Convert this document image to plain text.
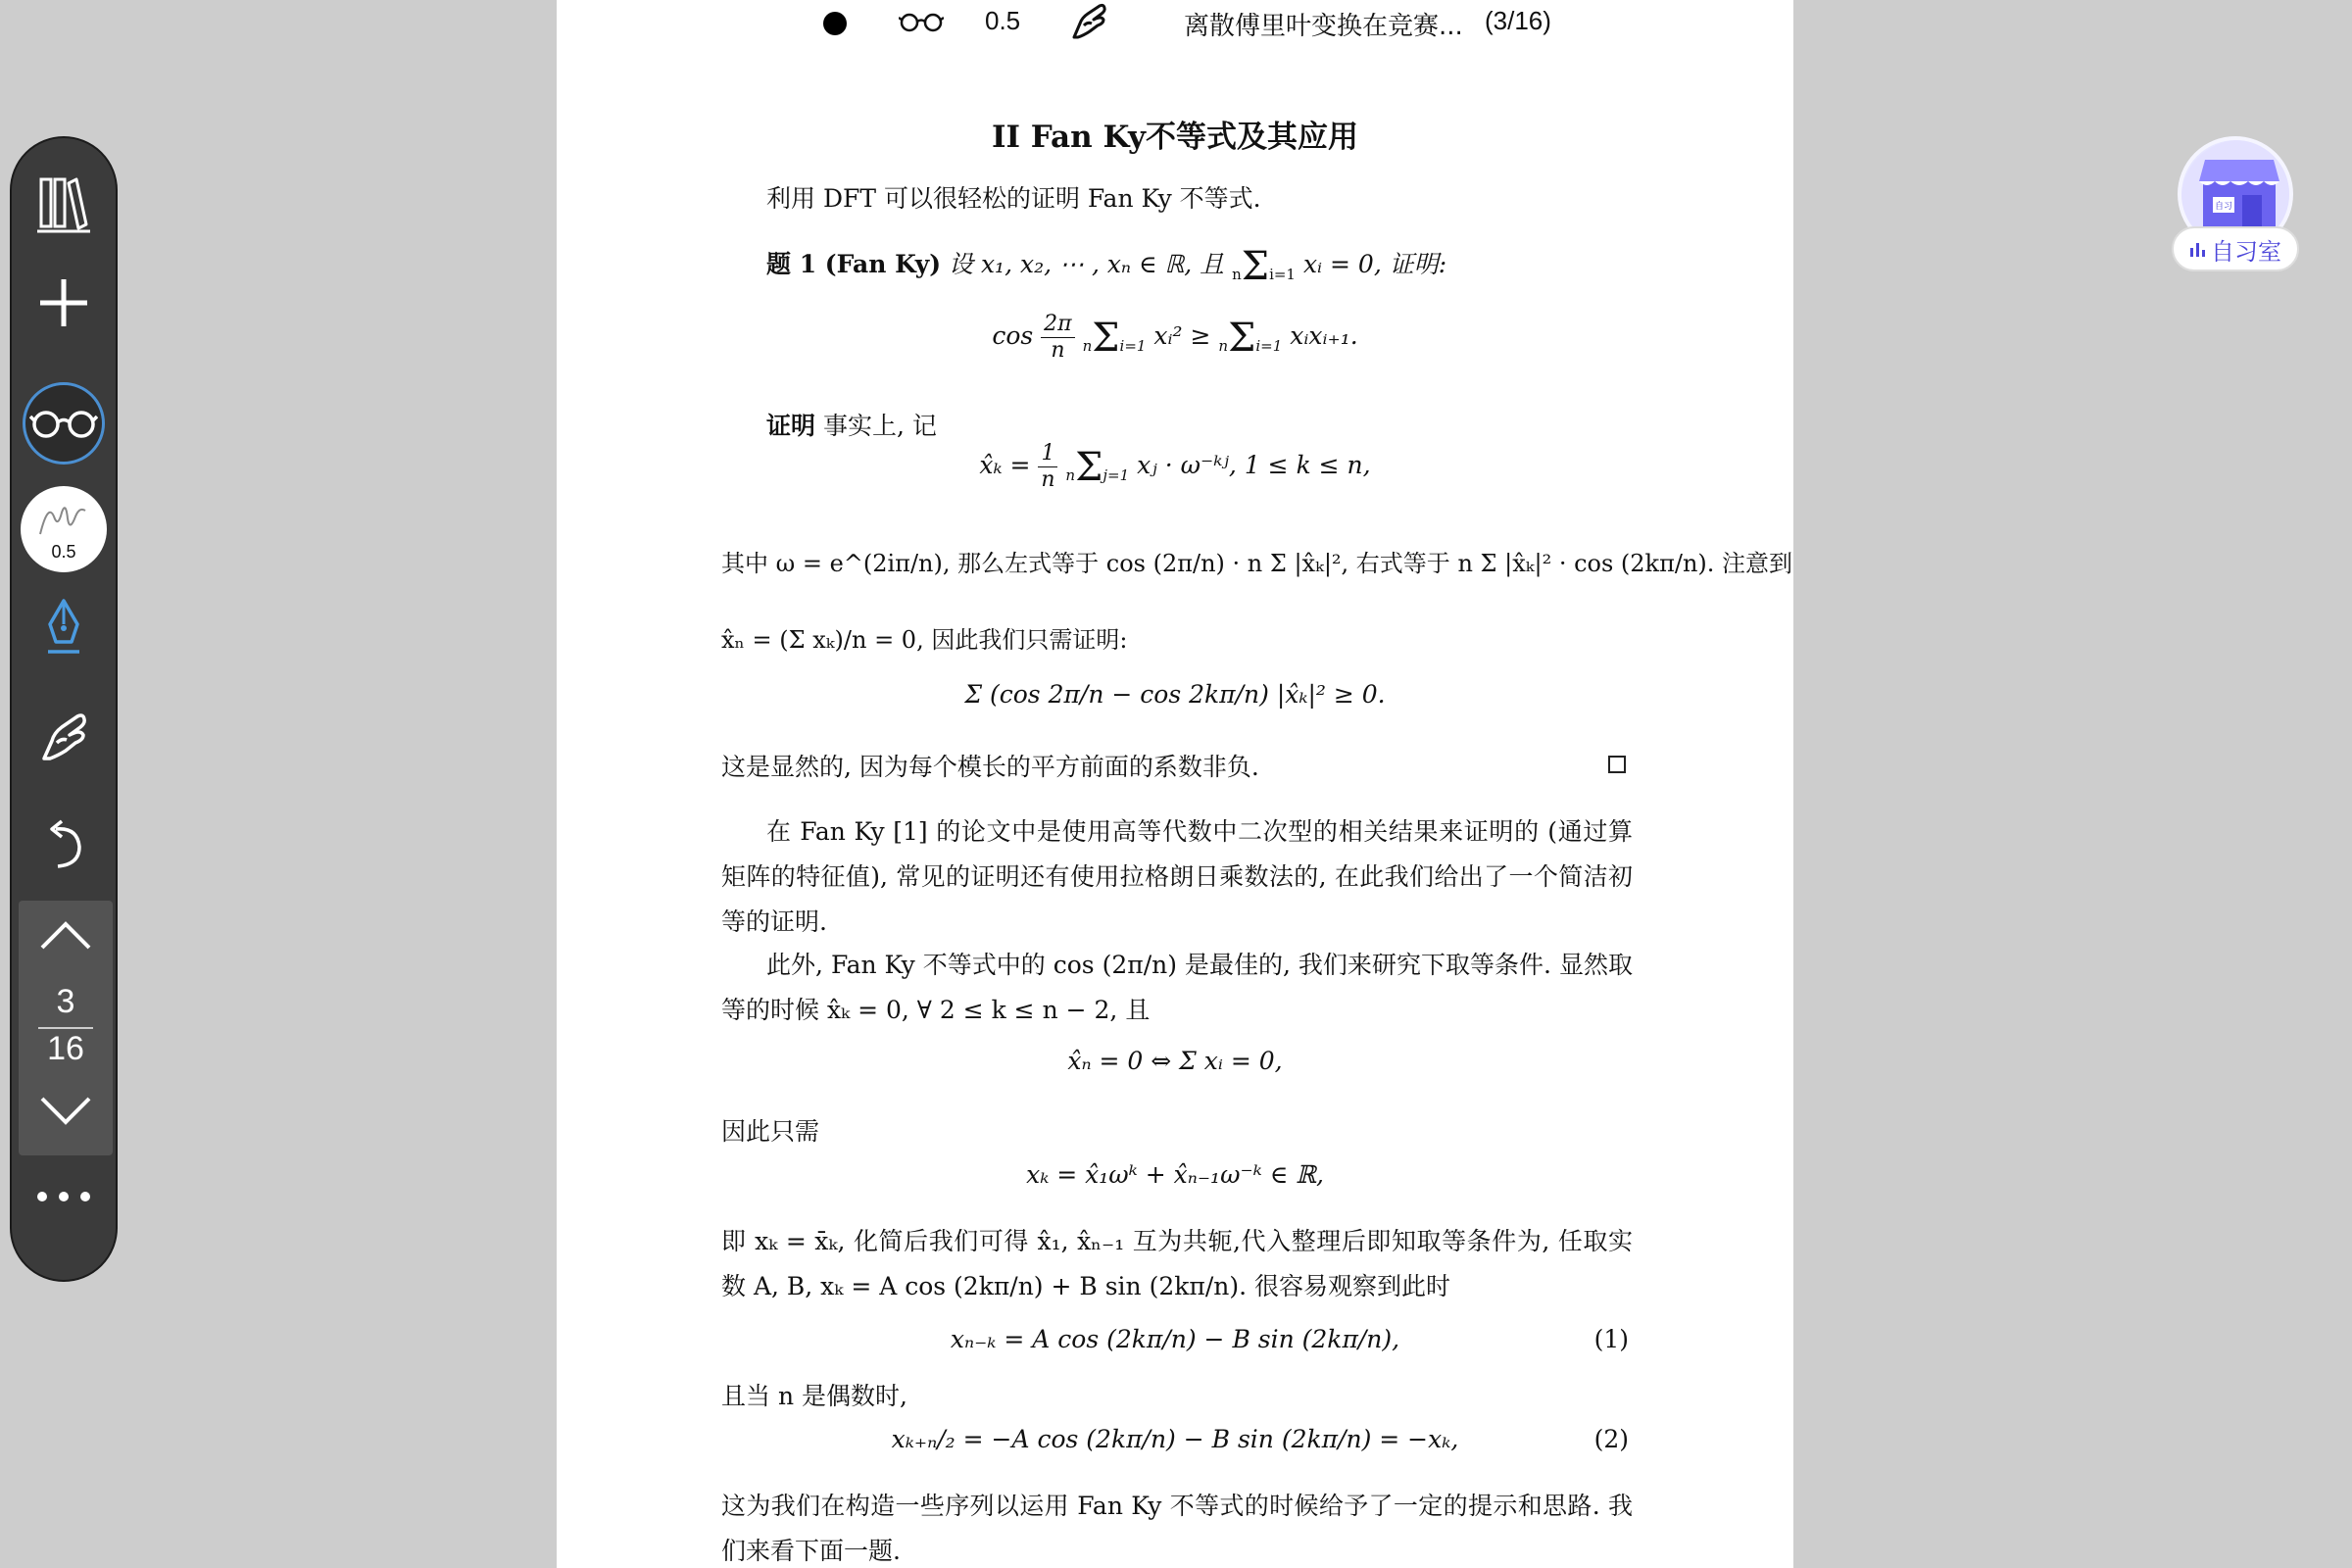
II Fan Ky不等式及其应用
利用 DFT 可以很轻松的证明 Fan Ky 不等式.
题 1 (Fan Ky) 设 x₁, x₂, ⋯ , xₙ ∈ ℝ, 且 nΣi=1 xᵢ = 0, 证明:
$\cos \frac{2\pi}{n} n\Sigma i=1$ xᵢ² ≥ nΣi=1 xᵢxᵢ₊₁.
证明 事实上, 记
x̂ₖ = $\frac{1}{n} n\Sigma j=1$ xⱼ · ω⁻ᵏʲ, 1 ≤ k ≤ n,
其中 ω = e^(2iπ/n), 那么左式等于 cos (2π/n) · n Σ |x̂ₖ|², 右式等于 n Σ |x̂ₖ|² · cos (2kπ/n). 注意到
x̂ₙ = (Σ xₖ)/n = 0, 因此我们只需证明:
Σ (cos 2π/n − cos 2kπ/n) |x̂ₖ|² ≥ 0.
这是显然的, 因为每个模长的平方前面的系数非负.
在 Fan Ky [1] 的论文中是使用高等代数中二次型的相关结果来证明的 (通过算矩阵的特征值), 常见的证明还有使用拉格朗日乘数法的, 在此我们给出了一个简洁初等的证明.
此外, Fan Ky 不等式中的 cos (2π/n) 是最佳的, 我们来研究下取等条件. 显然取等的时候 x̂ₖ = 0, ∀ 2 ≤ k ≤ n − 2, 且
x̂ₙ = 0 ⇔ Σ xᵢ = 0,
因此只需
xₖ = x̂₁ωᵏ + x̂ₙ₋₁ω⁻ᵏ ∈ ℝ,
即 xₖ = x̄ₖ, 化简后我们可得 x̂₁, x̂ₙ₋₁ 互为共轭,代入整理后即知取等条件为, 任取实数 A, B, xₖ = A cos (2kπ/n) + B sin (2kπ/n). 很容易观察到此时
xₙ₋ₖ = A cos (2kπ/n) − B sin (2kπ/n),	(1)
且当 n 是偶数时,
xₖ₊ₙ/₂ = −A cos (2kπ/n) − B sin (2kπ/n) = −xₖ,	(2)
这为我们在构造一些序列以运用 Fan Ky 不等式的时候给予了一定的提示和思路. 我们来看下面一题.
0.5	离散傅里叶变换在竞赛... (3/16)
0.5
3
16
自习
自习室
